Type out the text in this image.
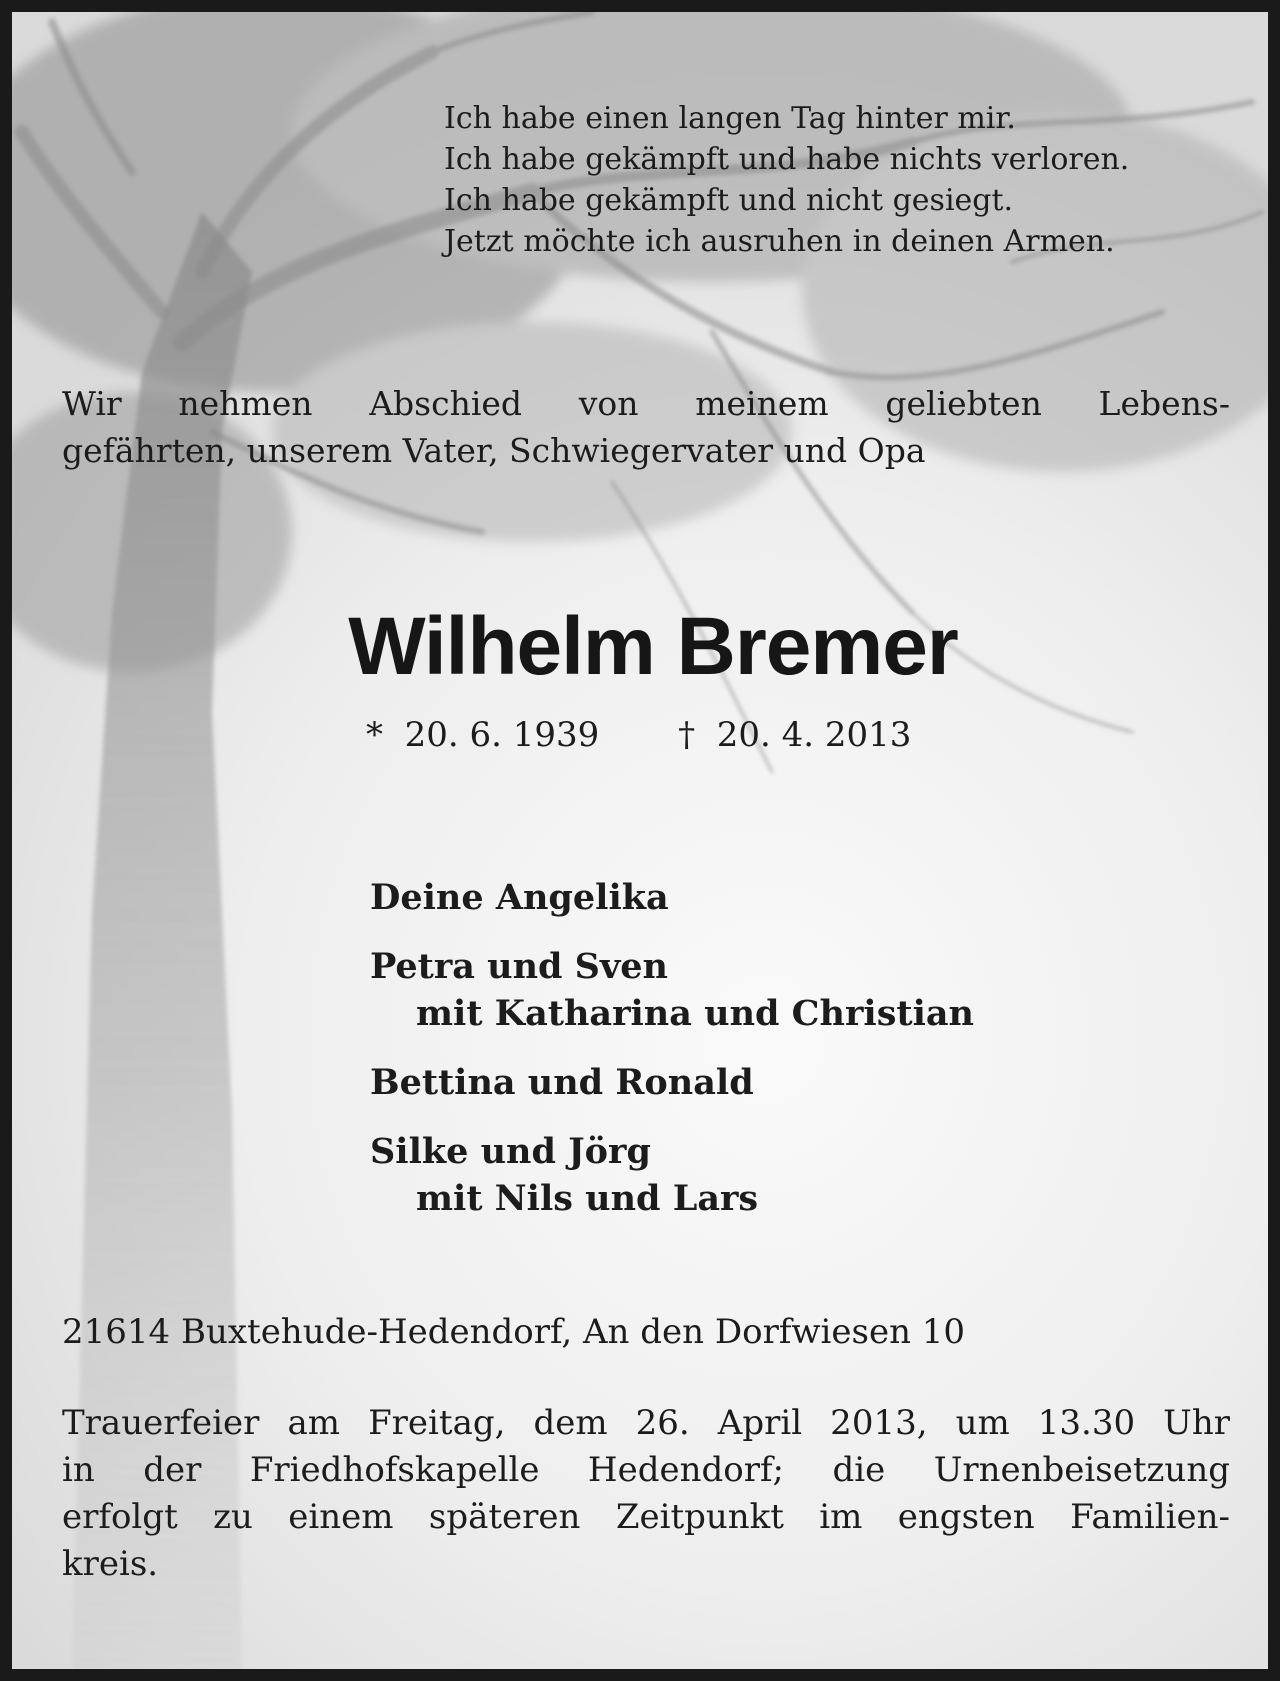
Ich habe einen langen Tag hinter mir.
Ich habe gekämpft und habe nichts verloren.
Ich habe gekämpft und nicht gesiegt.
Jetzt möchte ich ausruhen in deinen Armen.
Wir nehmen Abschied von meinem geliebten Lebens-
gefährten, unserem Vater, Schwiegervater und Opa
Wilhelm Bremer
* 20. 6. 1939 † 20. 4. 2013
Deine Angelika
Petra und Sven
mit Katharina und Christian
Bettina und Ronald
Silke und Jörg
mit Nils und Lars
21614 Buxtehude-Hedendorf, An den Dorfwiesen 10
Trauerfeier am Freitag, dem 26. April 2013, um 13.30 Uhr
in der Friedhofskapelle Hedendorf; die Urnenbeisetzung
erfolgt zu einem späteren Zeitpunkt im engsten Familien-
kreis.
